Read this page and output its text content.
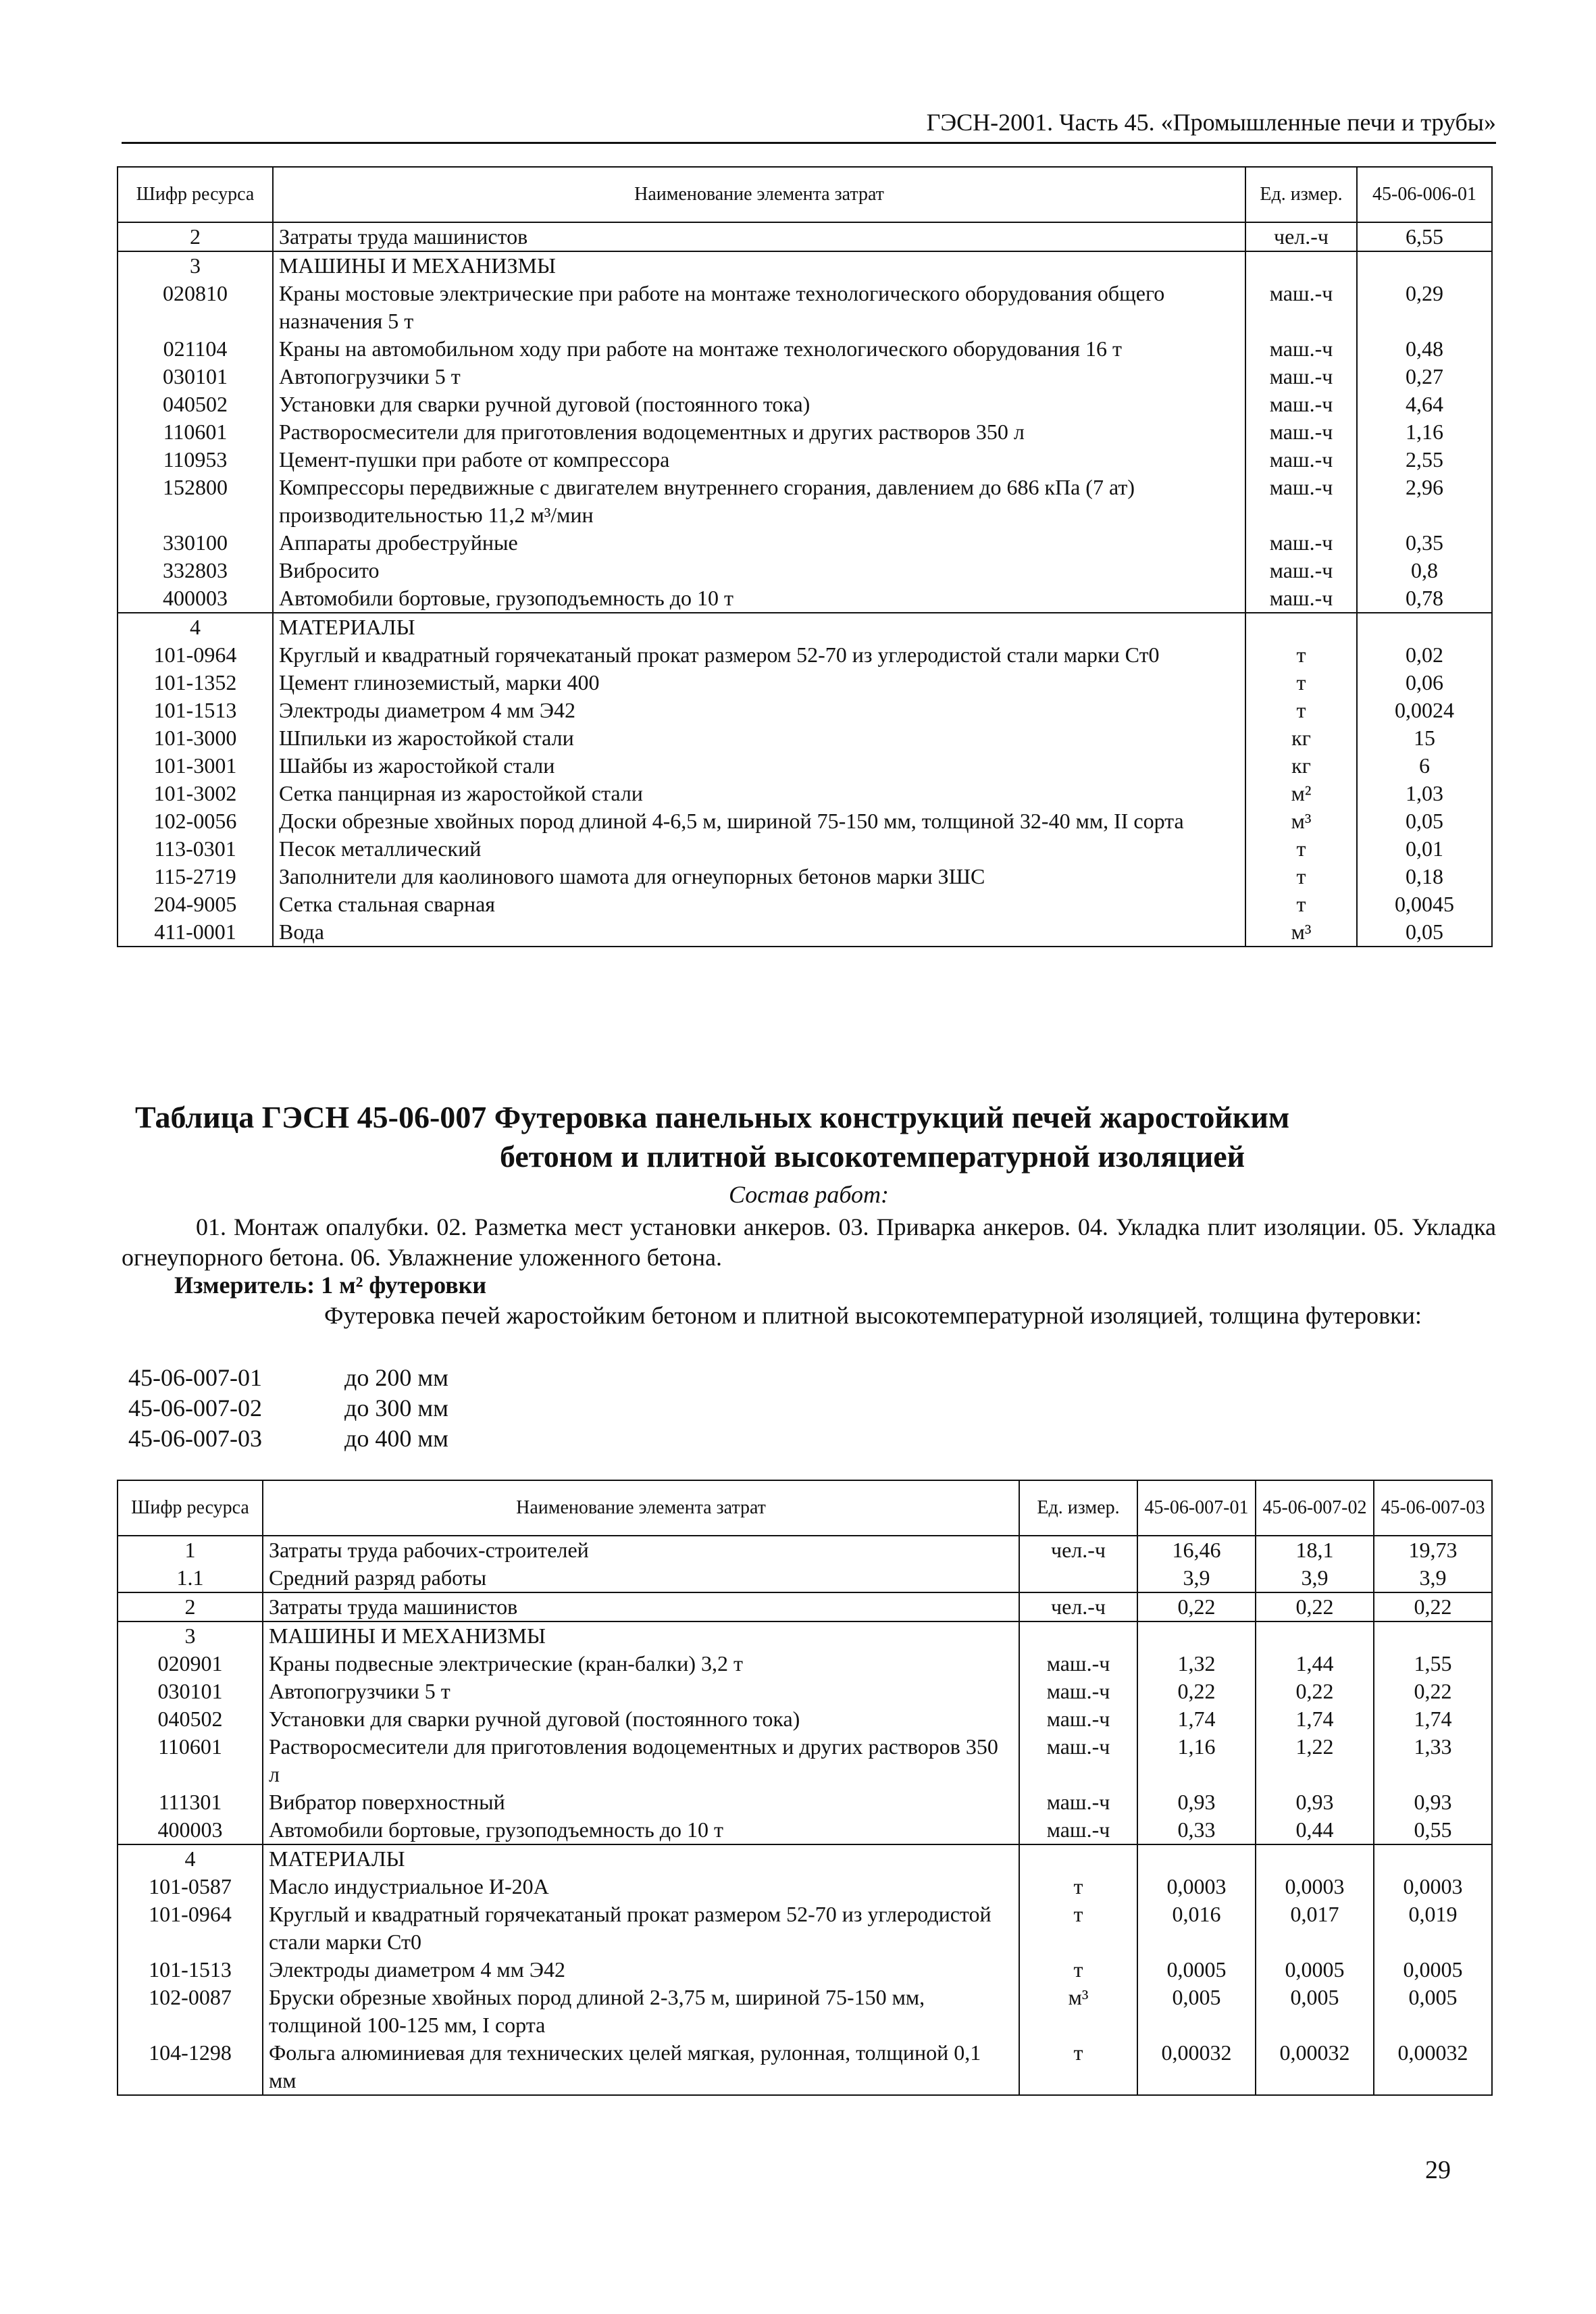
ГЭСН-2001. Часть 45. «Промышленные печи и трубы»
Шифр ресурса	Наименование элемента затрат	Ед. измер.	45-06-006-01
2	Затраты труда машинистов	чел.-ч	6,55
3	МАШИНЫ И МЕХАНИЗМЫ		
020810	Краны мостовые электрические при работе на монтаже технологического оборудования общего назначения 5 т	маш.-ч	0,29
021104	Краны на автомобильном ходу при работе на монтаже технологического оборудования 16 т	маш.-ч	0,48
030101	Автопогрузчики 5 т	маш.-ч	0,27
040502	Установки для сварки ручной дуговой (постоянного тока)	маш.-ч	4,64
110601	Растворосмесители для приготовления водоцементных и других растворов 350 л	маш.-ч	1,16
110953	Цемент-пушки при работе от компрессора	маш.-ч	2,55
152800	Компрессоры передвижные с двигателем внутреннего сгорания, давлением до 686 кПа (7 ат) производительностью 11,2 м³/мин	маш.-ч	2,96
330100	Аппараты дробеструйные	маш.-ч	0,35
332803	Вибросито	маш.-ч	0,8
400003	Автомобили бортовые, грузоподъемность до 10 т	маш.-ч	0,78
4	МАТЕРИАЛЫ		
101-0964	Круглый и квадратный горячекатаный прокат размером 52-70 из углеродистой стали марки Ст0	т	0,02
101-1352	Цемент глиноземистый, марки 400	т	0,06
101-1513	Электроды диаметром 4 мм Э42	т	0,0024
101-3000	Шпильки из жаростойкой стали	кг	15
101-3001	Шайбы из жаростойкой стали	кг	6
101-3002	Сетка панцирная из жаростойкой стали	м²	1,03
102-0056	Доски обрезные хвойных пород длиной 4-6,5 м, шириной 75-150 мм, толщиной 32-40 мм, II сорта	м³	0,05
113-0301	Песок металлический	т	0,01
115-2719	Заполнители для каолинового шамота для огнеупорных бетонов марки ЗШС	т	0,18
204-9005	Сетка стальная сварная	т	0,0045
411-0001	Вода	м³	0,05
Таблица ГЭСН 45-06-007 Футеровка панельных конструкций печей жаростойким
бетоном и плитной высокотемпературной изоляцией
Состав работ:
01. Монтаж опалубки. 02. Разметка мест установки анкеров. 03. Приварка анкеров. 04. Укладка плит изоляции. 05. Укладка огнеупорного бетона. 06. Увлажнение уложенного бетона.
Измеритель: 1 м² футеровки
Футеровка печей жаростойким бетоном и плитной высокотемпературной изоляцией, толщина футеровки:
45-06-007-01	до 200 мм
45-06-007-02	до 300 мм
45-06-007-03	до 400 мм
Шифр ресурса	Наименование элемента затрат	Ед. измер.	45-06-007-01	45-06-007-02	45-06-007-03
1	Затраты труда рабочих-строителей	чел.-ч	16,46	18,1	19,73
1.1	Средний разряд работы		3,9	3,9	3,9
2	Затраты труда машинистов	чел.-ч	0,22	0,22	0,22
3	МАШИНЫ И МЕХАНИЗМЫ				
020901	Краны подвесные электрические (кран-балки) 3,2 т	маш.-ч	1,32	1,44	1,55
030101	Автопогрузчики 5 т	маш.-ч	0,22	0,22	0,22
040502	Установки для сварки ручной дуговой (постоянного тока)	маш.-ч	1,74	1,74	1,74
110601	Растворосмесители для приготовления водоцементных и других растворов 350 л	маш.-ч	1,16	1,22	1,33
111301	Вибратор поверхностный	маш.-ч	0,93	0,93	0,93
400003	Автомобили бортовые, грузоподъемность до 10 т	маш.-ч	0,33	0,44	0,55
4	МАТЕРИАЛЫ				
101-0587	Масло индустриальное И-20А	т	0,0003	0,0003	0,0003
101-0964	Круглый и квадратный горячекатаный прокат размером 52-70 из углеродистой стали марки Ст0	т	0,016	0,017	0,019
101-1513	Электроды диаметром 4 мм Э42	т	0,0005	0,0005	0,0005
102-0087	Бруски обрезные хвойных пород длиной 2-3,75 м, шириной 75-150 мм, толщиной 100-125 мм, I сорта	м³	0,005	0,005	0,005
104-1298	Фольга алюминиевая для технических целей мягкая, рулонная, толщиной 0,1 мм	т	0,00032	0,00032	0,00032
29
